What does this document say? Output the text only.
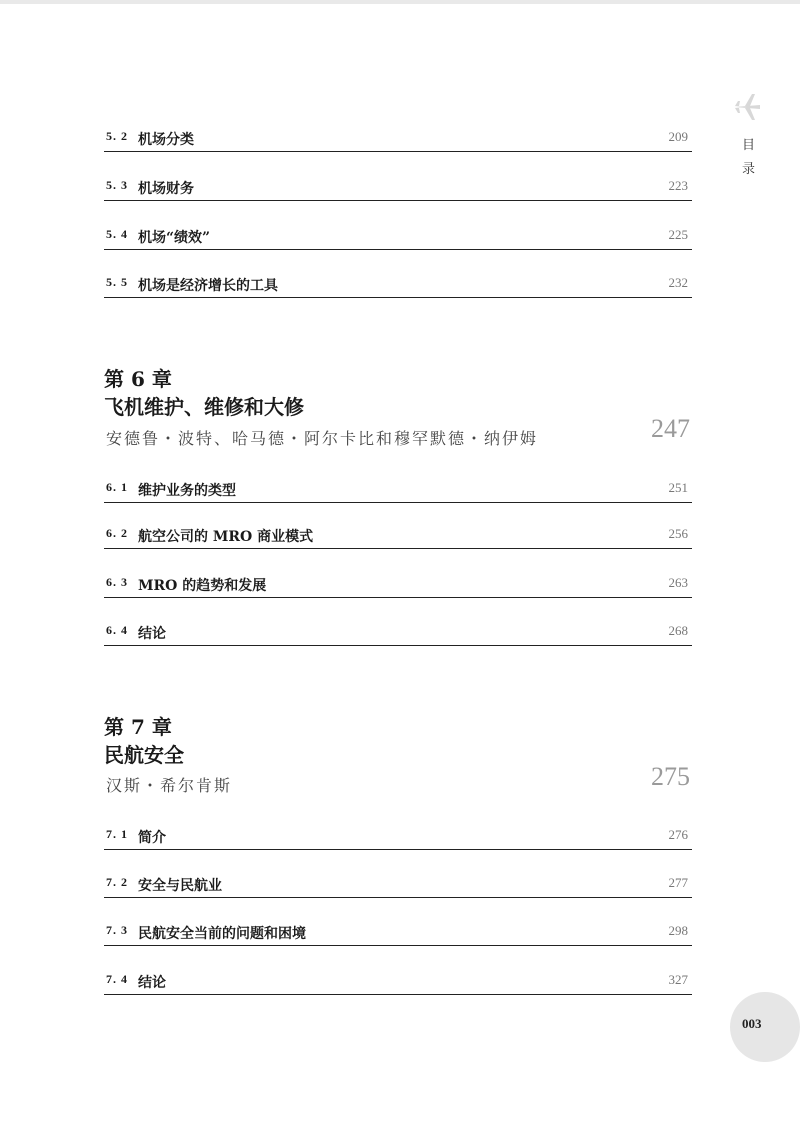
目
录
5. 2 机场分类	209
5. 3 机场财务	223
5. 4 机场“绩效”	225
5. 5 机场是经济增长的工具	232
第 6 章
飞机维护、维修和大修
安德鲁・波特、哈马德・阿尔卡比和穆罕默德・纳伊姆	247
6. 1 维护业务的类型	251
6. 2 航空公司的 MRO 商业模式	256
6. 3 MRO 的趋势和发展	263
6. 4 结论	268
第 7 章
民航安全
汉斯・希尔肯斯	275
7. 1 简介	276
7. 2 安全与民航业	277
7. 3 民航安全当前的问题和困境	298
7. 4 结论	327
003
